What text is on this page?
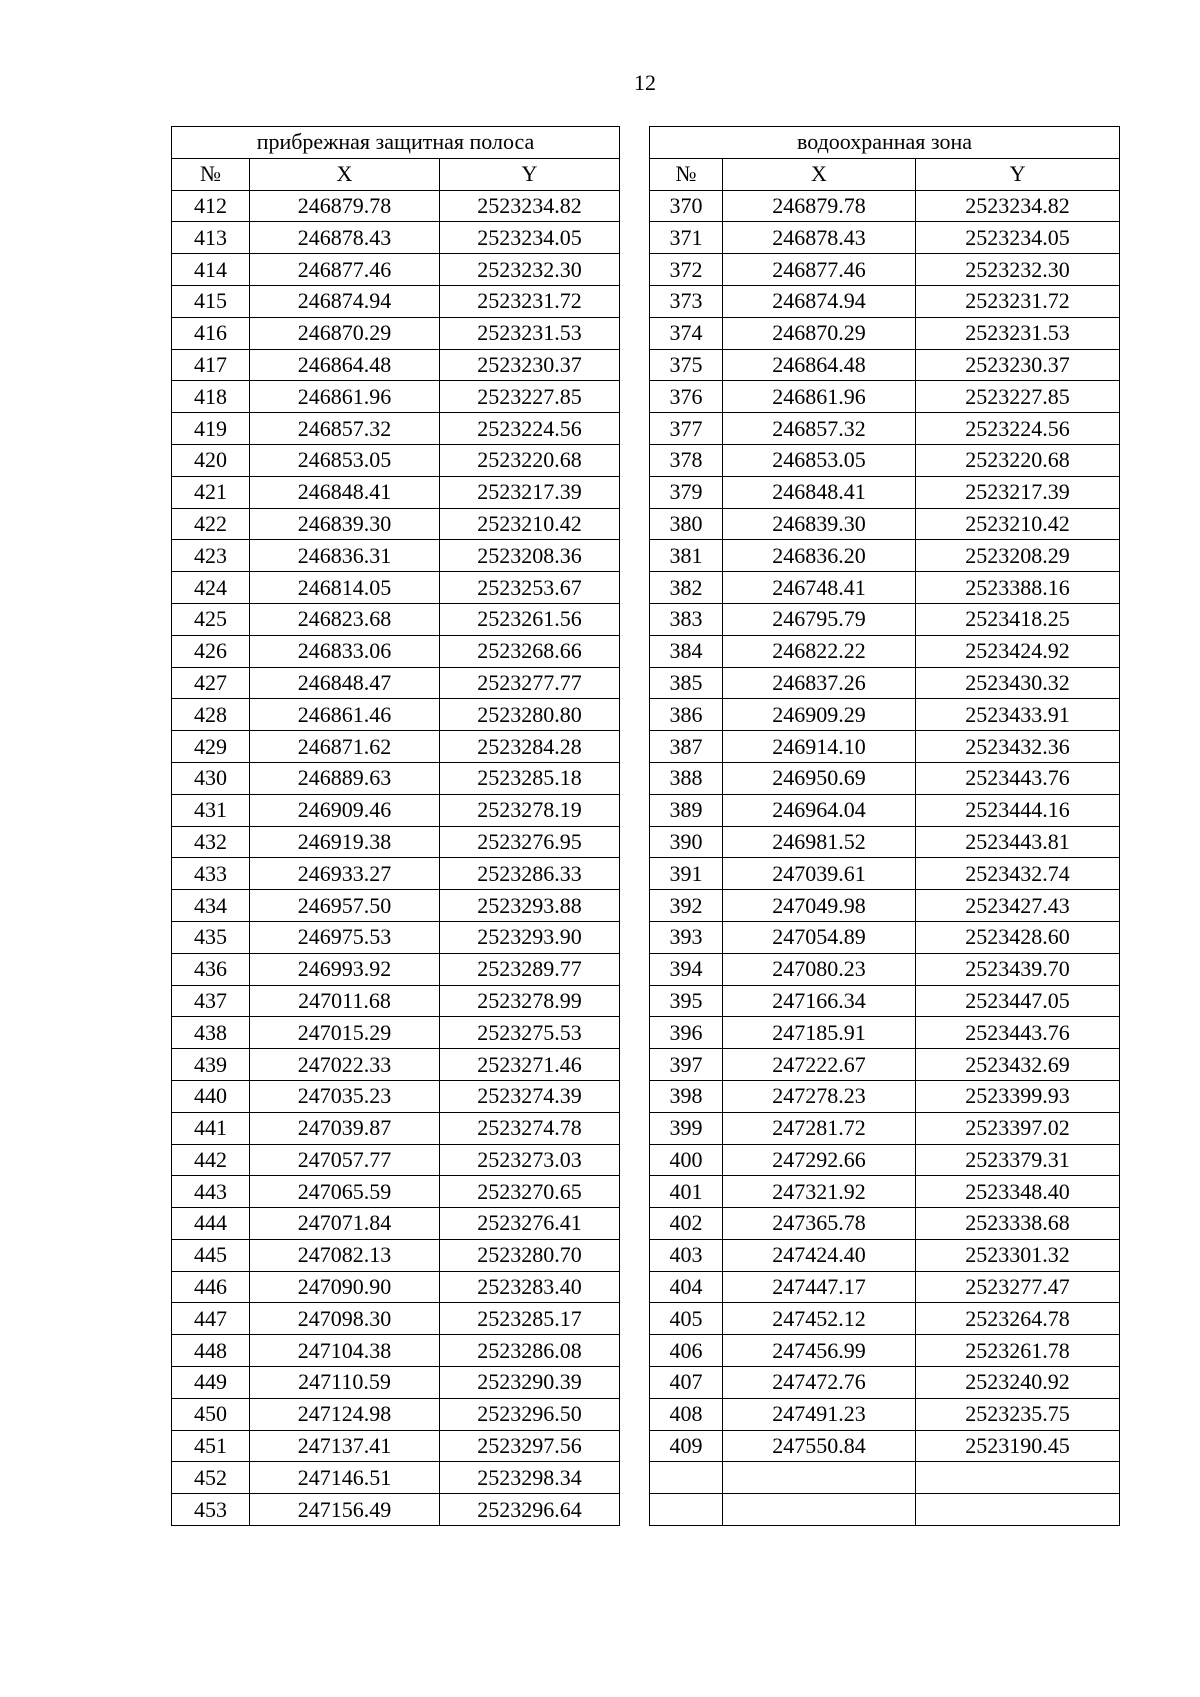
12
прибрежная защитная полоса		
№	X	Y
412	246879.78	2523234.82
413	246878.43	2523234.05
414	246877.46	2523232.30
415	246874.94	2523231.72
416	246870.29	2523231.53
417	246864.48	2523230.37
418	246861.96	2523227.85
419	246857.32	2523224.56
420	246853.05	2523220.68
421	246848.41	2523217.39
422	246839.30	2523210.42
423	246836.31	2523208.36
424	246814.05	2523253.67
425	246823.68	2523261.56
426	246833.06	2523268.66
427	246848.47	2523277.77
428	246861.46	2523280.80
429	246871.62	2523284.28
430	246889.63	2523285.18
431	246909.46	2523278.19
432	246919.38	2523276.95
433	246933.27	2523286.33
434	246957.50	2523293.88
435	246975.53	2523293.90
436	246993.92	2523289.77
437	247011.68	2523278.99
438	247015.29	2523275.53
439	247022.33	2523271.46
440	247035.23	2523274.39
441	247039.87	2523274.78
442	247057.77	2523273.03
443	247065.59	2523270.65
444	247071.84	2523276.41
445	247082.13	2523280.70
446	247090.90	2523283.40
447	247098.30	2523285.17
448	247104.38	2523286.08
449	247110.59	2523290.39
450	247124.98	2523296.50
451	247137.41	2523297.56
452	247146.51	2523298.34
453	247156.49	2523296.64
водоохранная зона		
№	X	Y
370	246879.78	2523234.82
371	246878.43	2523234.05
372	246877.46	2523232.30
373	246874.94	2523231.72
374	246870.29	2523231.53
375	246864.48	2523230.37
376	246861.96	2523227.85
377	246857.32	2523224.56
378	246853.05	2523220.68
379	246848.41	2523217.39
380	246839.30	2523210.42
381	246836.20	2523208.29
382	246748.41	2523388.16
383	246795.79	2523418.25
384	246822.22	2523424.92
385	246837.26	2523430.32
386	246909.29	2523433.91
387	246914.10	2523432.36
388	246950.69	2523443.76
389	246964.04	2523444.16
390	246981.52	2523443.81
391	247039.61	2523432.74
392	247049.98	2523427.43
393	247054.89	2523428.60
394	247080.23	2523439.70
395	247166.34	2523447.05
396	247185.91	2523443.76
397	247222.67	2523432.69
398	247278.23	2523399.93
399	247281.72	2523397.02
400	247292.66	2523379.31
401	247321.92	2523348.40
402	247365.78	2523338.68
403	247424.40	2523301.32
404	247447.17	2523277.47
405	247452.12	2523264.78
406	247456.99	2523261.78
407	247472.76	2523240.92
408	247491.23	2523235.75
409	247550.84	2523190.45
